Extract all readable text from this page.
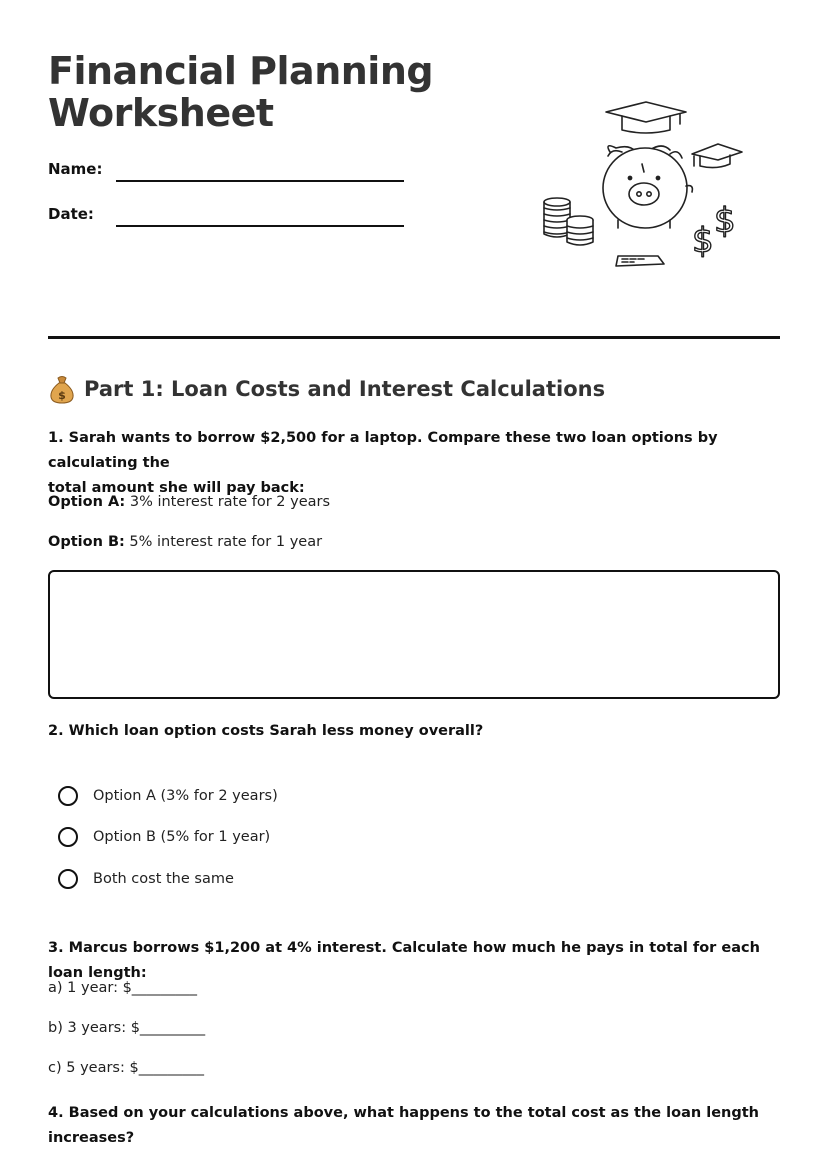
Financial Planning
Worksheet
Name:
Date:
$ $
$ Part 1: Loan Costs and Interest Calculations

1. Sarah wants to borrow $2,500 for a laptop. Compare these two loan options by calculating the
total amount she will pay back:

Option A: 3% interest rate for 2 years
Option B: 5% interest rate for 1 year

2. Which loan option costs Sarah less money overall?

Option A (3% for 2 years)
Option B (5% for 1 year)
Both cost the same

3. Marcus borrows $1,200 at 4% interest. Calculate how much he pays in total for each loan length:

a) 1 year: $_________
b) 3 years: $_________
c) 5 years: $_________

4. Based on your calculations above, what happens to the total cost as the loan length increases?
